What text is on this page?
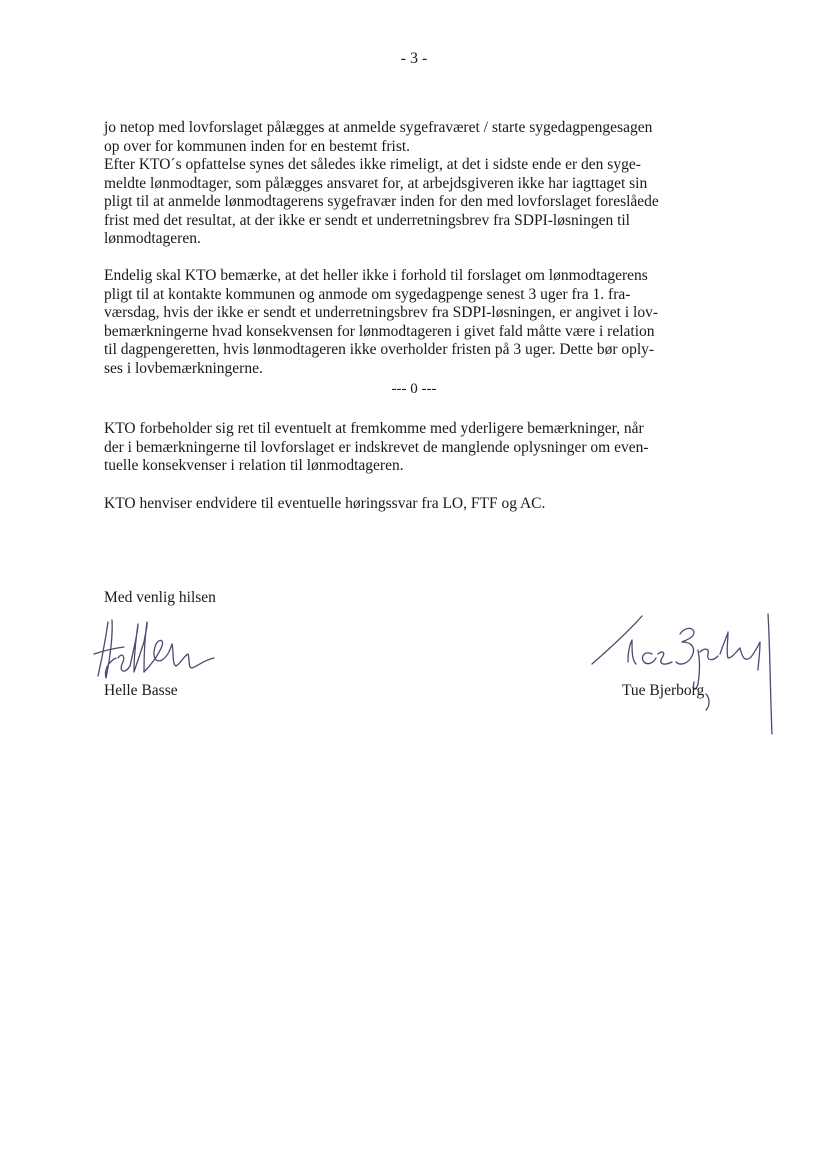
- 3 -

jo netop med lovforslaget pålægges at anmelde sygefraværet / starte sygedagpengesagen

op over for kommunen inden for en bestemt frist.

Efter KTO´s opfattelse synes det således ikke rimeligt, at det i sidste ende er den syge-

meldte lønmodtager, som pålægges ansvaret for, at arbejdsgiveren ikke har iagttaget sin

pligt til at anmelde lønmodtagerens sygefravær inden for den med lovforslaget foreslåede

frist med det resultat, at der ikke er sendt et underretningsbrev fra SDPI-løsningen til

lønmodtageren.

Endelig skal KTO bemærke, at det heller ikke i forhold til forslaget om lønmodtagerens

pligt til at kontakte kommunen og anmode om sygedagpenge senest 3 uger fra 1. fra-

værsdag, hvis der ikke er sendt et underretningsbrev fra SDPI-løsningen, er angivet i lov-

bemærkningerne hvad konsekvensen for lønmodtageren i givet fald måtte være i relation

til dagpengeretten, hvis lønmodtageren ikke overholder fristen på 3 uger. Dette bør oply-

ses i lovbemærkningerne.

--- 0 ---

KTO forbeholder sig ret til eventuelt at fremkomme med yderligere bemærkninger, når

der i bemærkningerne til lovforslaget er indskrevet de manglende oplysninger om even-

tuelle konsekvenser i relation til lønmodtageren.

KTO henviser endvidere til eventuelle høringssvar fra LO, FTF og AC.

Med venlig hilsen
Helle Basse	Tue Bjerborg
